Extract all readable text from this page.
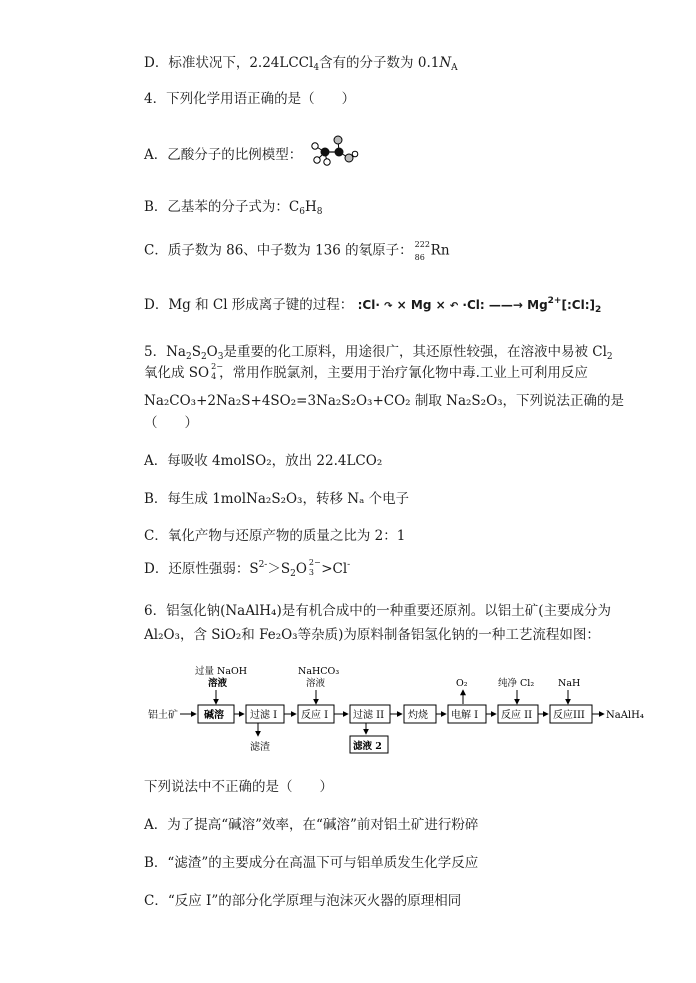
D．标准状况下，2.24LCCl$_4$含有的分子数为 $0.1N_A$
4．下列化学用语正确的是（　　）
A．乙酸分子的比例模型：
B．乙基苯的分子式为：$C_6H_8$
C．质子数为 86、中子数为 136 的氡原子： 222
86 Rn
D．Mg 和 Cl 形成离子键的过程： :Cl· ↷ × Mg × ↶ ·Cl: ——→ $Mg^{2+}[:Cl:]_2$
5．$Na_2S_2O_3$是重要的化工原料，用途很广，其还原性较强，在溶液中易被 $Cl_2$
氧化成 SO 2−
4 ，常用作脱氯剂，主要用于治疗氰化物中毒.工业上可利用反应
Na₂CO₃+2Na₂S+4SO₂=3Na₂S₂O₃+CO₂ 制取 Na₂S₂O₃，下列说法正确的是
（　　）
A．每吸收 4molSO₂，放出 22.4LCO₂
B．每生成 1molNa₂S₂O₃，转移 Nₐ 个电子
C．氧化产物与还原产物的质量之比为 2：1
D．还原性强弱：$S^{2-}>S_2O$ 2−
3 >Cl-
6．铝氢化钠(NaAlH₄)是有机合成中的一种重要还原剂。以铝土矿(主要成分为
Al₂O₃，含 SiO₂和 Fe₂O₃等杂质)为原料制备铝氢化钠的一种工艺流程如图：
铝土矿
过量 NaOH
溶液
碱溶	过滤 I
滤渣
NaHCO₃
溶液
反应 I 过滤 II
滤液 2
灼烧
O₂
电解 I
纯净 Cl₂
反应 II
NaH
反应III NaAlH₄
下列说法中不正确的是（　　）
A．为了提高“碱溶”效率，在“碱溶”前对铝土矿进行粉碎
B．“滤渣”的主要成分在高温下可与铝单质发生化学反应
C．“反应 I”的部分化学原理与泡沫灭火器的原理相同
